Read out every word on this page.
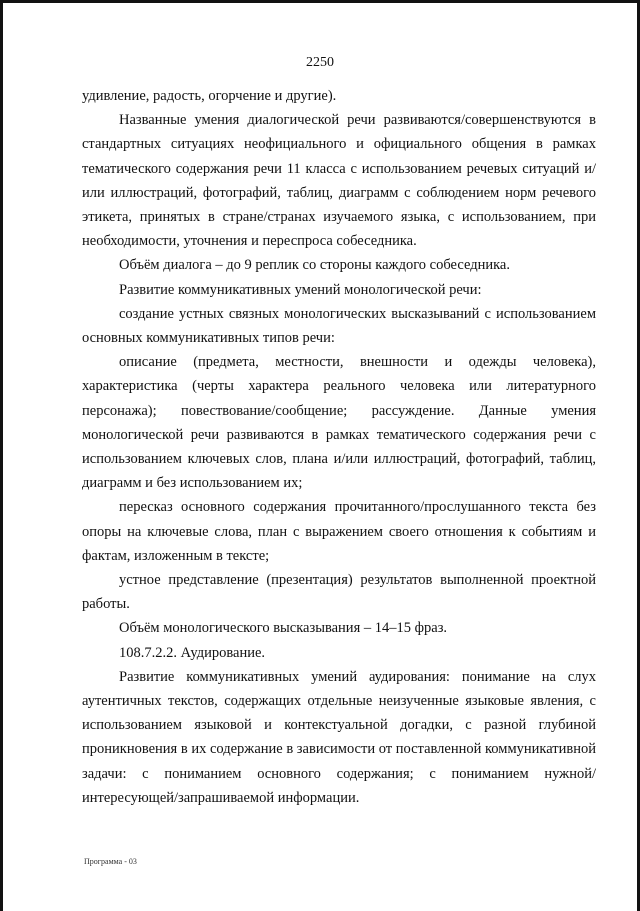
2250

удивление, радость, огорчение и другие).

Названные умения диалогической речи развиваются/совершенствуются в стандартных ситуациях неофициального и официального общения в рамках тематического содержания речи 11 класса с использованием речевых ситуаций и/или иллюстраций, фотографий, таблиц, диаграмм с соблюдением норм речевого этикета, принятых в стране/странах изучаемого языка, с использованием, при необходимости, уточнения и переспроса собеседника.

Объём диалога – до 9 реплик со стороны каждого собеседника.

Развитие коммуникативных умений монологической речи:

создание устных связных монологических высказываний с использованием основных коммуникативных типов речи:

описание (предмета, местности, внешности и одежды человека), характеристика (черты характера реального человека или литературного персонажа); повествование/сообщение; рассуждение. Данные умения монологической речи развиваются в рамках тематического содержания речи с использованием ключевых слов, плана и/или иллюстраций, фотографий, таблиц, диаграмм и без использованием их;

пересказ основного содержания прочитанного/прослушанного текста без опоры на ключевые слова, план с выражением своего отношения к событиям и фактам, изложенным в тексте;

устное представление (презентация) результатов выполненной проектной работы.

Объём монологического высказывания – 14–15 фраз.

108.7.2.2. Аудирование.

Развитие коммуникативных умений аудирования: понимание на слух аутентичных текстов, содержащих отдельные неизученные языковые явления, с использованием языковой и контекстуальной догадки, с разной глубиной проникновения в их содержание в зависимости от поставленной коммуникативной задачи: с пониманием основного содержания; с пониманием нужной/интересующей/запрашиваемой информации.

Программа - 03
